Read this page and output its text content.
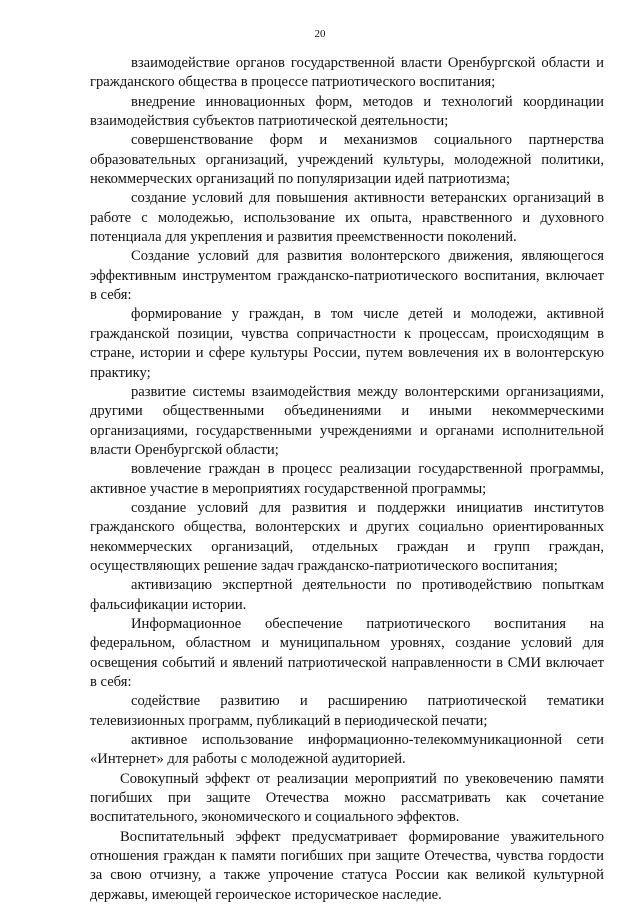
20

взаимодействие органов государственной власти Оренбургской области и гражданского общества в процессе патриотического воспитания;

внедрение инновационных форм, методов и технологий координации взаимодействия субъектов патриотической деятельности;

совершенствование форм и механизмов социального партнерства образовательных организаций, учреждений культуры, молодежной политики, некоммерческих организаций по популяризации идей патриотизма;

создание условий для повышения активности ветеранских организаций в работе с молодежью, использование их опыта, нравственного и духовного потенциала для укрепления и развития преемственности поколений.

Создание условий для развития волонтерского движения, являющегося эффективным инструментом гражданско-патриотического воспитания, включает в себя:

формирование у граждан, в том числе детей и молодежи, активной гражданской позиции, чувства сопричастности к процессам, происходящим в стране, истории и сфере культуры России, путем вовлечения их в волонтерскую практику;

развитие системы взаимодействия между волонтерскими организациями, другими общественными объединениями и иными некоммерческими организациями, государственными учреждениями и органами исполнительной власти Оренбургской области;

вовлечение граждан в процесс реализации государственной программы, активное участие в мероприятиях государственной программы;

создание условий для развития и поддержки инициатив институтов гражданского общества, волонтерских и других социально ориентированных некоммерческих организаций, отдельных граждан и групп граждан, осуществляющих решение задач гражданско-патриотического воспитания;

активизацию экспертной деятельности по противодействию попыткам фальсификации истории.

Информационное обеспечение патриотического воспитания на федеральном, областном и муниципальном уровнях, создание условий для освещения событий и явлений патриотической направленности в СМИ включает в себя:

содействие развитию и расширению патриотической тематики телевизионных программ, публикаций в периодической печати;

активное использование информационно-телекоммуникационной сети «Интернет» для работы с молодежной аудиторией.

Совокупный эффект от реализации мероприятий по увековечению памяти погибших при защите Отечества можно рассматривать как сочетание воспитательного, экономического и социального эффектов.

Воспитательный эффект предусматривает формирование уважительного отношения граждан к памяти погибших при защите Отечества, чувства гордости за свою отчизну, а также упрочение статуса России как великой культурной державы, имеющей героическое историческое наследие.
